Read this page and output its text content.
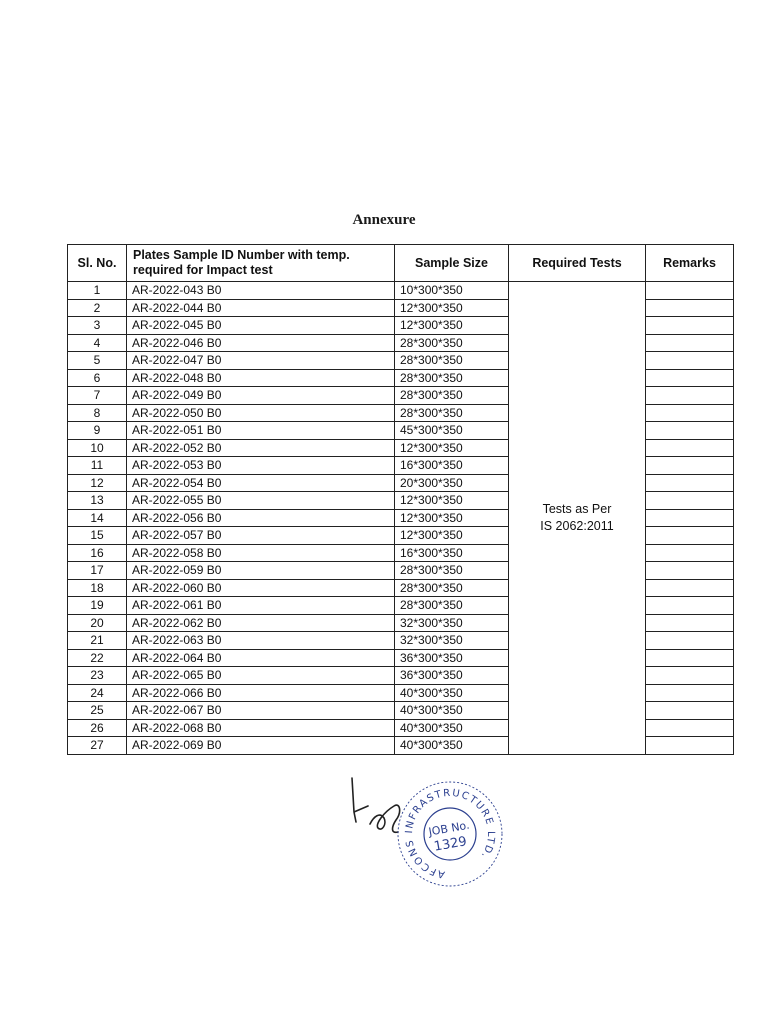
Annexure
Sl. No.	Plates Sample ID Number with temp. required for Impact test	Sample Size	Required Tests	Remarks
1	AR-2022-043 B0	10*300*350	Tests as Per
IS 2062:2011	

2	AR-2022-044 B0	12*300*350		
3	AR-2022-045 B0	12*300*350		
4	AR-2022-046 B0	28*300*350		
5	AR-2022-047 B0	28*300*350		
6	AR-2022-048 B0	28*300*350		
7	AR-2022-049 B0	28*300*350		
8	AR-2022-050 B0	28*300*350		
9	AR-2022-051 B0	45*300*350		
10	AR-2022-052 B0	12*300*350		
11	AR-2022-053 B0	16*300*350		
12	AR-2022-054 B0	20*300*350		
13	AR-2022-055 B0	12*300*350		
14	AR-2022-056 B0	12*300*350		
15	AR-2022-057 B0	12*300*350		
16	AR-2022-058 B0	16*300*350		
17	AR-2022-059 B0	28*300*350		
18	AR-2022-060 B0	28*300*350		
19	AR-2022-061 B0	28*300*350		
20	AR-2022-062 B0	32*300*350		
21	AR-2022-063 B0	32*300*350		
22	AR-2022-064 B0	36*300*350		
23	AR-2022-065 B0	36*300*350		
24	AR-2022-066 B0	40*300*350		
25	AR-2022-067 B0	40*300*350		
26	AR-2022-068 B0	40*300*350		
27	AR-2022-069 B0	40*300*350		
AFCONS INFRASTRUCTURE LTD.
JOB No.
1329
